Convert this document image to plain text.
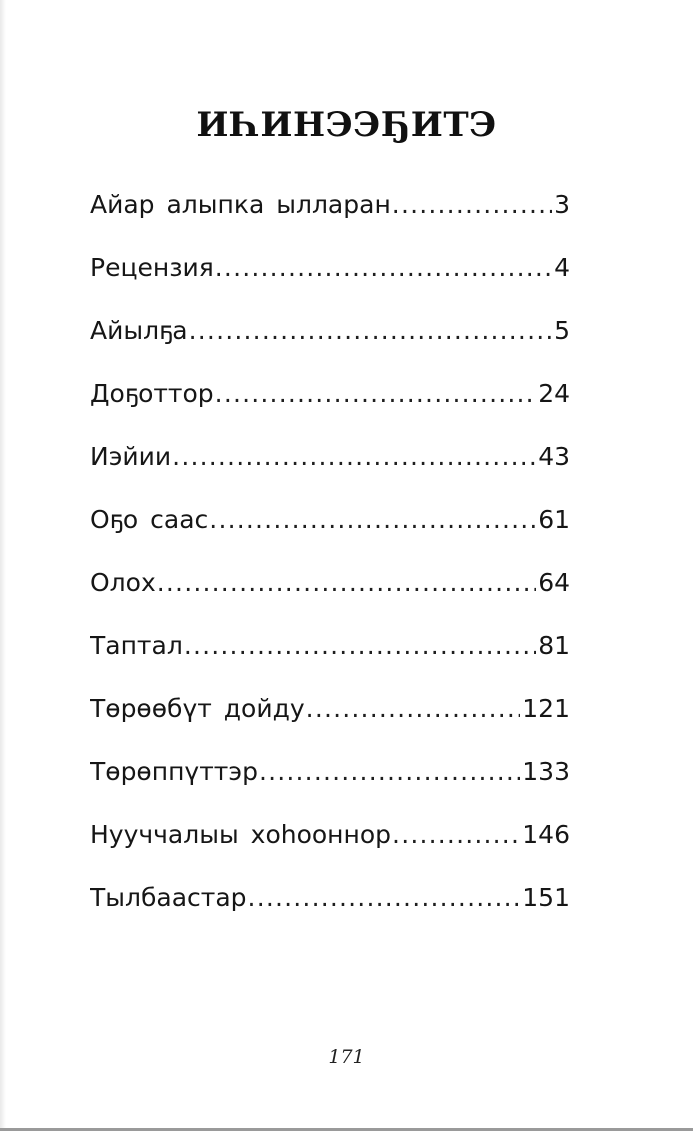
ИҺИНЭЭҔИТЭ
Айар алыпка ылларан .....	3
Рецензия .....	4
Айылҕа .....	5
Доҕоттор .....	24
Иэйии .....	43
Оҕо саас .....	61
Олох .....	64
Таптал .....	81
Төрөөбүт дойду .....	121
Төрөппүттэр .....	133
Нууччалыы хоһооннор .....	146
Тылбаастар .....	151
171
